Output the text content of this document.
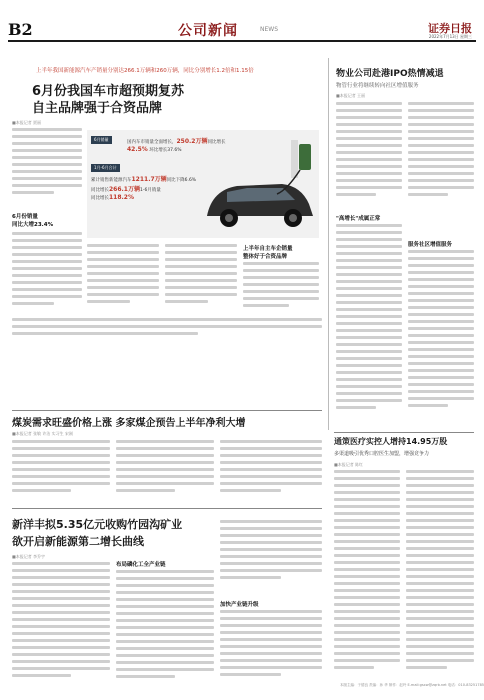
B2	公司新闻	NEWS	证券日报
2022年7月13日 星期三
上半年我国新能源汽车产销量分别达266.1万辆和260万辆，同比分别增长1.2倍和1.15倍
6月份我国车市超预期复苏
自主品牌强于合资品牌
■本报记者 贾丽
6月份销量
同比大增23.4%
6月销量
国内车市销量全面增长，250.2万辆同比增长
42.5% 环比增长37.6%
1月-6月合计
累计销售新能源汽车1211.7万辆同比下降6.6%
同比增长266.1万辆1-6月销量
同比增长118.2%
上半年自主车企销量
整体好于合资品牌
物业公司赴港IPO热情减退
物管行业将继续转向社区增值服务
■本报记者 王丽
"高增长"成属正常
服务社区增值服务
煤炭需求旺盛价格上涨 多家煤企预告上半年净利大增
■本报记者 张敏 许洁 实习生 宋刚
新洋丰拟5.35亿元收购竹园沟矿业
欲开启新能源第二增长曲线
■本报记者 李乔宇
布局磷化工全产业链
加快产业链升级
通策医疗实控人增持14.95万股
多渠道吸引优秀口腔医生加盟，增强竞争力
■本报记者 陈红
本版主编：于德良 责编：孙 华 制作：赵玲 E-mail:gsxw@zqrb.net 电话：010-83251785
